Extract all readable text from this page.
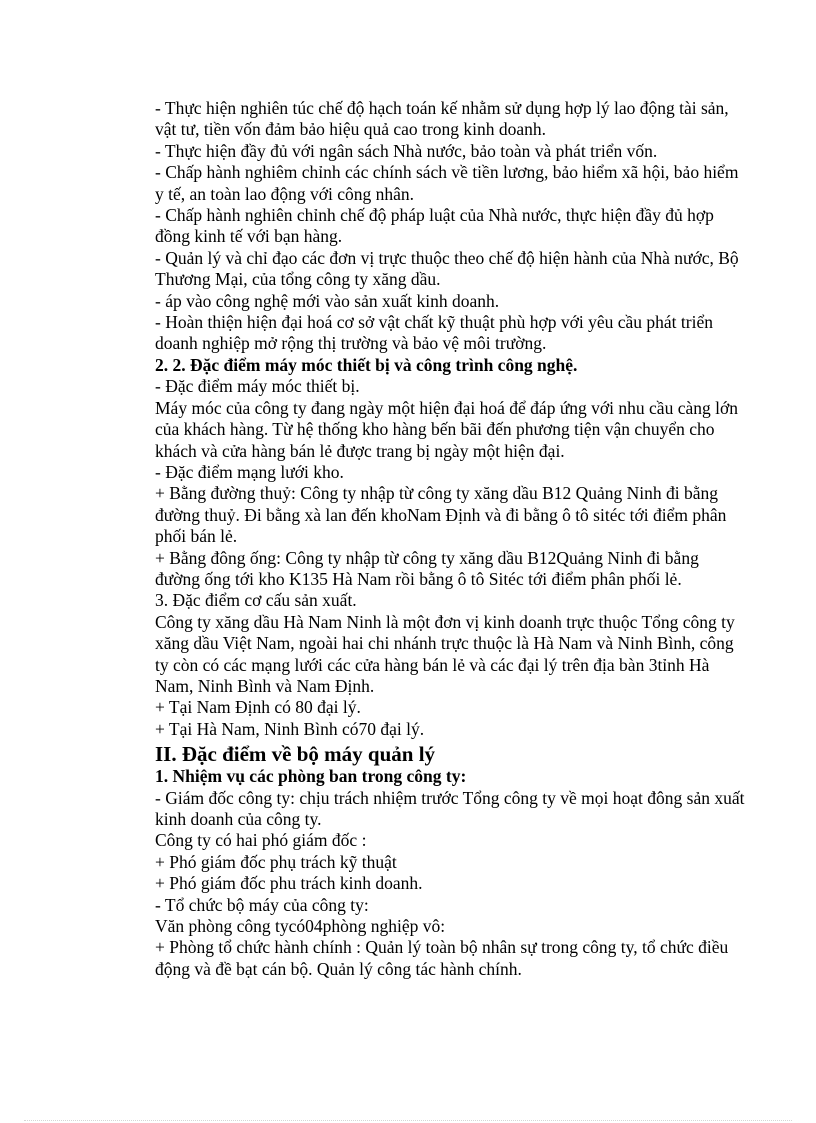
- Thực hiện nghiên túc chế độ hạch toán kế nhằm sử dụng hợp lý lao động tài sản, vật tư, tiền vốn đảm bảo hiệu quả cao trong kinh doanh.

- Thực hiện đầy đủ với ngân sách Nhà nước, bảo toàn và phát triển vốn.

- Chấp hành nghiêm chỉnh các chính sách về tiền lương, bảo hiểm xã hội, bảo hiểm y tế, an toàn lao động với công nhân.

- Chấp hành nghiên chỉnh chế độ pháp luật của Nhà nước, thực hiện đầy đủ hợp đồng kinh tế với bạn hàng.

- Quản lý và chỉ đạo các đơn vị trực thuộc theo chế độ hiện hành của Nhà nước, Bộ Thương Mại, của tổng công ty xăng dầu.

- áp vào công nghệ mới vào sản xuất kinh doanh.

- Hoàn thiện hiện đại hoá cơ sở vật chất kỹ thuật phù hợp với yêu cầu phát triển doanh nghiệp mở rộng thị trường và bảo vệ môi trường.

2. 2. Đặc điểm máy móc thiết bị và công trình công nghệ.

- Đặc điểm máy móc thiết bị.

Máy móc của công ty đang ngày một hiện đại hoá để đáp ứng với nhu cầu càng lớn của khách hàng. Từ hệ thống kho hàng bến bãi đến phương tiện vận chuyển cho khách và cửa hàng bán lẻ được trang bị ngày một hiện đại.

- Đặc điểm mạng lưới kho.

+ Bằng đường thuỷ: Công ty nhập từ công ty xăng dầu B12 Quảng Ninh đi bằng đường thuỷ. Đi bằng xà lan đến khoNam Định và đi bằng ô tô sitéc tới điểm phân phối bán lẻ.

+ Bằng đông ống: Công ty nhập từ công ty xăng dầu B12Quảng Ninh đi bằng đường ống tới kho K135 Hà Nam rồi bằng ô tô Sitéc tới điểm phân phối lẻ.

3. Đặc điểm cơ cấu sản xuất.

Công ty xăng dầu Hà Nam Ninh là một đơn vị kinh doanh trực thuộc Tổng công ty xăng dầu Việt Nam, ngoài hai chi nhánh trực thuộc là Hà Nam và Ninh Bình, công ty còn có các mạng lưới các cửa hàng bán lẻ và các đại lý trên địa bàn 3tỉnh Hà Nam, Ninh Bình và Nam Định.

+ Tại Nam Định có 80 đại lý.

+ Tại Hà Nam, Ninh Bình có70 đại lý.

II. Đặc điểm về bộ máy quản lý

1. Nhiệm vụ các phòng ban trong công ty:

- Giám đốc công ty: chịu trách nhiệm trước Tổng công ty về mọi hoạt đông sản xuất kinh doanh của công ty.

Công ty có hai phó giám đốc :

+ Phó giám đốc phụ trách kỹ thuật

+ Phó giám đốc phu trách kinh doanh.

- Tổ chức bộ máy của công ty:

Văn phòng công tycó04phòng nghiệp vô:

+ Phòng tổ chức hành chính : Quản lý toàn bộ nhân sự trong công ty, tổ chức điều động và đề bạt cán bộ. Quản lý công tác hành chính.
